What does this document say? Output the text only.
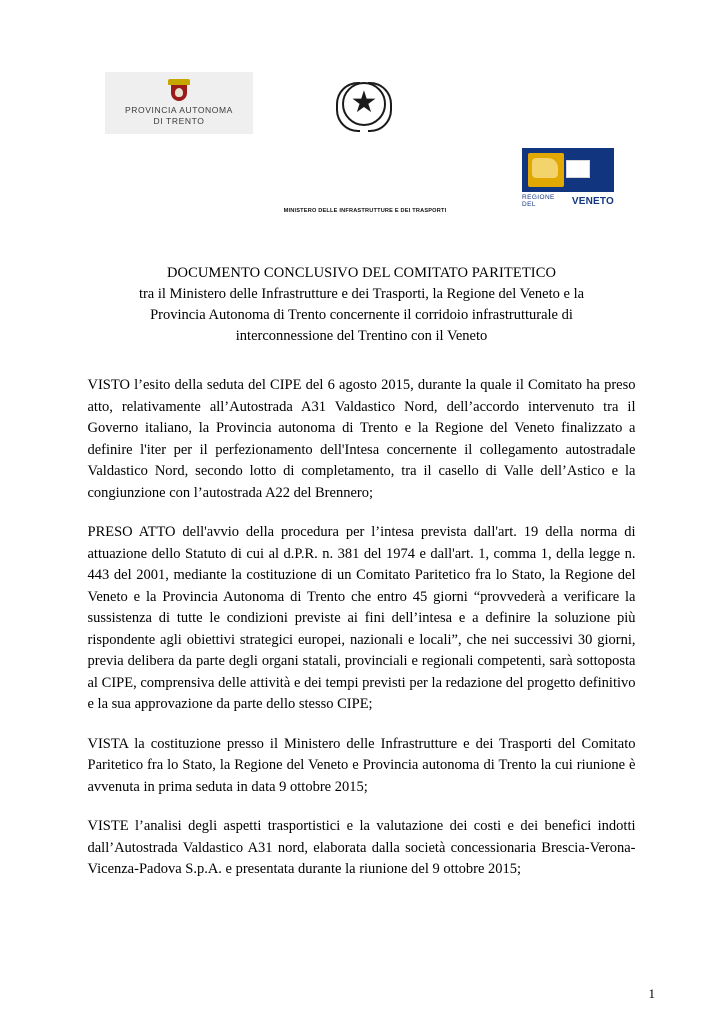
PROVINCIA AUTONOMA
DI TRENTO
★
MINISTERO DELLE INFRASTRUTTURE E DEI TRASPORTI
REGIONE DEL	VENETO
DOCUMENTO CONCLUSIVO DEL COMITATO PARITETICO
tra il Ministero delle Infrastrutture e dei Trasporti, la Regione del Veneto e la
Provincia Autonoma di Trento concernente il corridoio infrastrutturale di
interconnessione del Trentino con il Veneto

VISTO l’esito della seduta del CIPE del 6 agosto 2015, durante la quale il Comitato ha preso atto, relativamente all’Autostrada A31 Valdastico Nord, dell’accordo intervenuto tra il Governo italiano, la Provincia autonoma di Trento e la Regione del Veneto finalizzato a definire l'iter per il perfezionamento dell'Intesa concernente il collegamento autostradale Valdastico Nord, secondo lotto di completamento, tra il casello di Valle dell’Astico e la congiunzione con l’autostrada A22 del Brennero;

PRESO ATTO dell'avvio della procedura per l’intesa prevista dall'art. 19 della norma di attuazione dello Statuto di cui al d.P.R. n. 381 del 1974 e dall'art. 1, comma 1, della legge n. 443 del 2001, mediante la costituzione di un Comitato Paritetico fra lo Stato, la Regione del Veneto e la Provincia Autonoma di Trento che entro 45 giorni “provvederà a verificare la sussistenza di tutte le condizioni previste ai fini dell’intesa e a definire la soluzione più rispondente agli obiettivi strategici europei, nazionali e locali”, che nei successivi 30 giorni, previa delibera da parte degli organi statali, provinciali e regionali competenti, sarà sottoposta al CIPE, comprensiva delle attività e dei tempi previsti per la redazione del progetto definitivo e la sua approvazione da parte dello stesso CIPE;

VISTA la costituzione presso il Ministero delle Infrastrutture e dei Trasporti del Comitato Paritetico fra lo Stato, la Regione del Veneto e Provincia autonoma di Trento la cui riunione è avvenuta in prima seduta in data 9 ottobre 2015;

VISTE l’analisi degli aspetti trasportistici e la valutazione dei costi e dei benefici indotti dall’Autostrada Valdastico A31 nord, elaborata dalla società concessionaria Brescia-Verona-Vicenza-Padova S.p.A. e presentata durante la riunione del 9 ottobre 2015;

1
